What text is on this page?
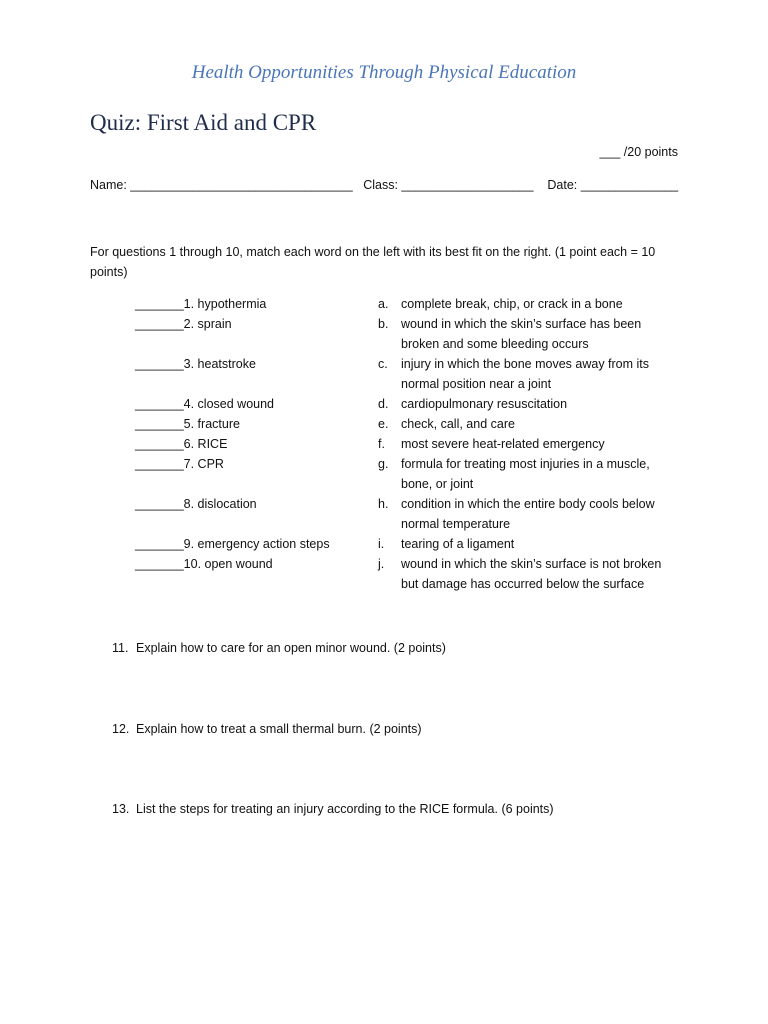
Health Opportunities Through Physical Education
Quiz: First Aid and CPR
___ /20 points
Name: ________________________________ Class: ___________________ Date: ______________
For questions 1 through 10, match each word on the left with its best fit on the right. (1 point each = 10 points)
_______1. hypothermia	a. complete break, chip, or crack in a bone
_______2. sprain	b. wound in which the skin’s surface has been broken and some bleeding occurs
_______3. heatstroke	c. injury in which the bone moves away from its normal position near a joint
_______4. closed wound	d. cardiopulmonary resuscitation
_______5. fracture	e. check, call, and care
_______6. RICE	f. most severe heat-related emergency
_______7. CPR	g. formula for treating most injuries in a muscle, bone, or joint
_______8. dislocation	h. condition in which the entire body cools below normal temperature
_______9. emergency action steps	i. tearing of a ligament
_______10. open wound	j. wound in which the skin’s surface is not broken but damage has occurred below the surface
11. Explain how to care for an open minor wound. (2 points)
12. Explain how to treat a small thermal burn. (2 points)
13. List the steps for treating an injury according to the RICE formula. (6 points)
